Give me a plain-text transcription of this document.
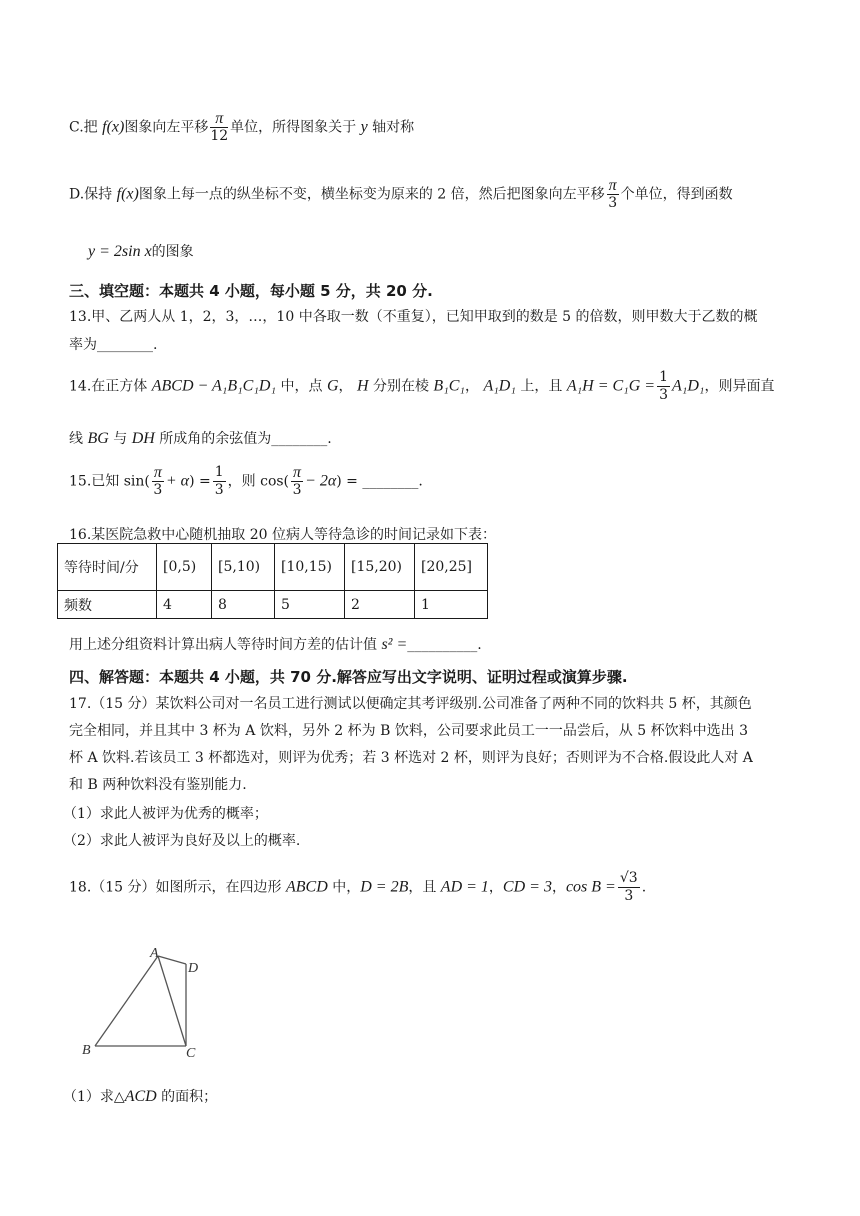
C.把 f(x)图象向左平移 $\frac{\pi}{12}$ 单位，所得图象关于 y 轴对称
D.保持 f(x)图象上每一点的纵坐标不变，横坐标变为原来的 2 倍，然后把图象向左平移 $\frac{\pi}{3}$ 个单位，得到函数
y = 2sin x的图象
三、填空题：本题共 4 小题，每小题 5 分，共 20 分.
13.甲、乙两人从 1，2，3，…，10 中各取一数（不重复），已知甲取到的数是 5 的倍数，则甲数大于乙数的概
率为________.
14.在正方体 ABCD − A₁B₁C₁D₁ 中，点 G， H 分别在棱 B₁C₁， A₁D₁ 上，且 $A_1H = C_1G = \frac{1}{3} A_1D_1$，则异面直
线 BG 与 DH 所成角的余弦值为________.
15.已知 $\sin( \frac{\pi}{3} + \alpha) = \frac{1}{3}$ ，则 $\cos( \frac{\pi}{3} - 2\alpha)$ = ________.
16.某医院急救中心随机抽取 20 位病人等待急诊的时间记录如下表：
等待时间/分	[0,5)	[5,10)	[10,15)	[15,20)	[20,25]
频数	4	8	5	2	1
用上述分组资料计算出病人等待时间方差的估计值 s² =__________.
四、解答题：本题共 4 小题，共 70 分.解答应写出文字说明、证明过程或演算步骤.
17.（15 分）某饮料公司对一名员工进行测试以便确定其考评级别.公司准备了两种不同的饮料共 5 杯，其颜色
完全相同，并且其中 3 杯为 A 饮料，另外 2 杯为 B 饮料，公司要求此员工一一品尝后，从 5 杯饮料中选出 3
杯 A 饮料.若该员工 3 杯都选对，则评为优秀；若 3 杯选对 2 杯，则评为良好；否则评为不合格.假设此人对 A
和 B 两种饮料没有鉴别能力.
（1）求此人被评为优秀的概率；
（2）求此人被评为良好及以上的概率.
18.（15 分）如图所示，在四边形 ABCD 中，D = 2B，且 AD = 1，CD = 3，$\cos B = \frac{√3}{3}$ .
A
B	C
D
（1）求△ACD 的面积；
